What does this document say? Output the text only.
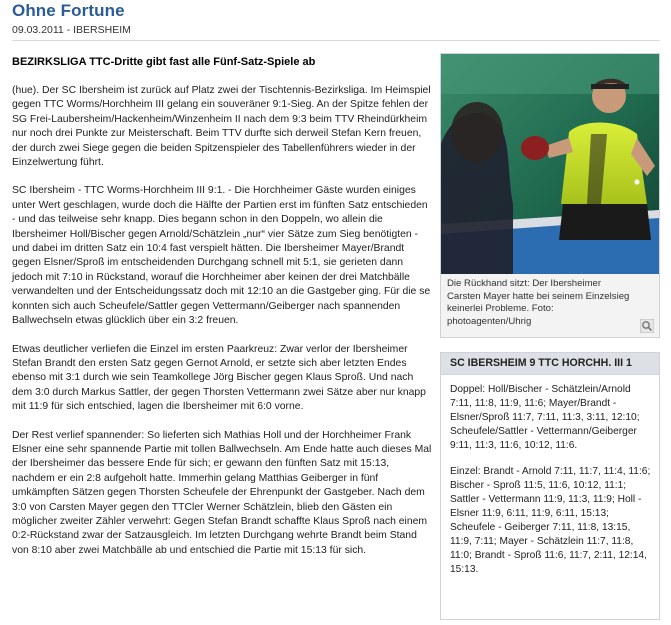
Ohne Fortune
09.03.2011 - IBERSHEIM
BEZIRKSLIGA TTC-Dritte gibt fast alle Fünf-Satz-Spiele ab

(hue). Der SC Ibersheim ist zurück auf Platz zwei der Tischtennis-Bezirksliga. Im Heimspiel gegen TTC Worms/Horchheim III gelang ein souveräner 9:1-Sieg. An der Spitze fehlen der SG Frei-Laubersheim/Hackenheim/Winzenheim II nach dem 9:3 beim TTV Rheindürkheim nur noch drei Punkte zur Meisterschaft. Beim TTV durfte sich derweil Stefan Kern freuen, der durch zwei Siege gegen die beiden Spitzenspieler des Tabellenführers wieder in der Einzelwertung führt.

SC Ibersheim - TTC Worms-Horchheim III 9:1. - Die Horchheimer Gäste wurden einiges unter Wert geschlagen, wurde doch die Hälfte der Partien erst im fünften Satz entschieden - und das teilweise sehr knapp. Dies begann schon in den Doppeln, wo allein die Ibersheimer Holl/Bischer gegen Arnold/Schätzlein „nur“ vier Sätze zum Sieg benötigten - und dabei im dritten Satz ein 10:4 fast verspielt hätten. Die Ibersheimer Mayer/Brandt gegen Elsner/Sproß im entscheidenden Durchgang schnell mit 5:1, sie gerieten dann jedoch mit 7:10 in Rückstand, worauf die Horchheimer aber keinen der drei Matchbälle verwandelten und der Entscheidungssatz doch mit 12:10 an die Gastgeber ging. Für die se konnten sich auch Scheufele/Sattler gegen Vettermann/Geiberger nach spannenden Ballwechseln etwas glücklich über ein 3:2 freuen.

Etwas deutlicher verliefen die Einzel im ersten Paarkreuz: Zwar verlor der Ibersheimer Stefan Brandt den ersten Satz gegen Gernot Arnold, er setzte sich aber letzten Endes ebenso mit 3:1 durch wie sein Teamkollege Jörg Bischer gegen Klaus Sproß. Und nach dem 3:0 durch Markus Sattler, der gegen Thorsten Vettermann zwei Sätze aber nur knapp mit 11:9 für sich entschied, lagen die Ibersheimer mit 6:0 vorne.

Der Rest verlief spannender: So lieferten sich Mathias Holl und der Horchheimer Frank Elsner eine sehr spannende Partie mit tollen Ballwechseln. Am Ende hatte auch dieses Mal der Ibersheimer das bessere Ende für sich; er gewann den fünften Satz mit 15:13, nachdem er ein 2:8 aufgeholt hatte. Immerhin gelang Matthias Geiberger in fünf umkämpften Sätzen gegen Thorsten Scheufele der Ehrenpunkt der Gastgeber. Nach dem 3:0 von Carsten Mayer gegen den TTCler Werner Schätzlein, blieb den Gästen ein möglicher zweiter Zähler verwehrt: Gegen Stefan Brandt schaffte Klaus Sproß nach einem 0:2-Rückstand zwar der Satzausgleich. Im letzten Durchgang wehrte Brandt beim Stand von 8:10 aber zwei Matchbälle ab und entschied die Partie mit 15:13 für sich.

Die Rückhand sitzt: Der Ibersheimer Carsten Mayer hatte bei seinem Einzelsieg keinerlei Probleme. Foto: photoagenten/Uhrig
SC IBERSHEIM 9 TTC HORCHH. III 1

Doppel: Holl/Bischer - Schätzlein/Arnold 7:11, 11:8, 11:9, 11:6; Mayer/Brandt - Elsner/Sproß 11:7, 7:11, 11:3, 3:11, 12:10; Scheufele/Sattler - Vettermann/Geiberger 9:11, 11:3, 11:6, 10:12, 11:6.

Einzel: Brandt - Arnold 7:11, 11:7, 11:4, 11:6; Bischer - Sproß 11:5, 11:6, 10:12, 11:1; Sattler - Vettermann 11:9, 11:3, 11:9; Holl - Elsner 11:9, 6:11, 11:9, 6:11, 15:13; Scheufele - Geiberger 7:11, 11:8, 13:15, 11:9, 7:11; Mayer - Schätzlein 11:7, 11:8, 11:0; Brandt - Sproß 11:6, 11:7, 2:11, 12:14, 15:13.
